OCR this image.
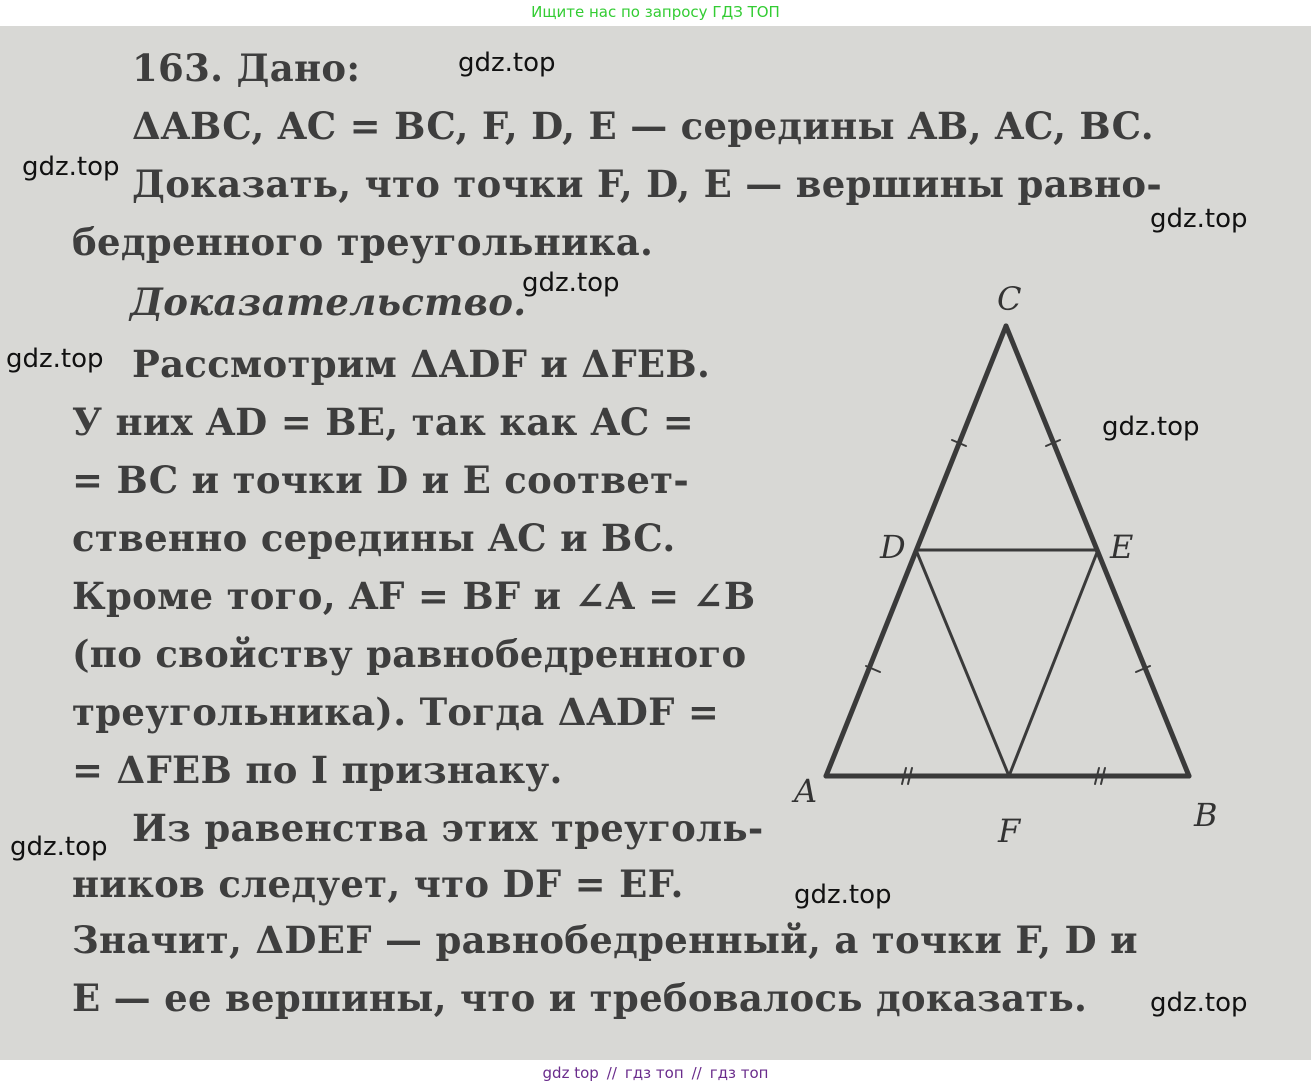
Ищите нас по запросу ГДЗ ТОП
163. Дано:
ΔABC, AC = BC, F, D, E — середины AB, AC, BC.
Доказать, что точки F, D, E — вершины равно-
бедренного треугольника.
Доказательство.
Рассмотрим ΔADF и ΔFEB.
У них AD = BE, так как AC =
= BC и точки D и E соответ-
ственно середины AC и BC.
Кроме того, AF = BF и ∠A = ∠B
(по свойству равнобедренного
треугольника). Тогда ΔADF =
= ΔFEB по I признаку.
Из равенства этих треуголь-
ников следует, что DF = EF.
Значит, ΔDEF — равнобедренный, а точки F, D и
E — ее вершины, что и требовалось доказать.
C
D	E
A
B
F
gdz.top
gdz.top
gdz.top
gdz.top
gdz.top
gdz.top
gdz.top
gdz.top
gdz.top
gdz top // гдз топ // гдз топ
